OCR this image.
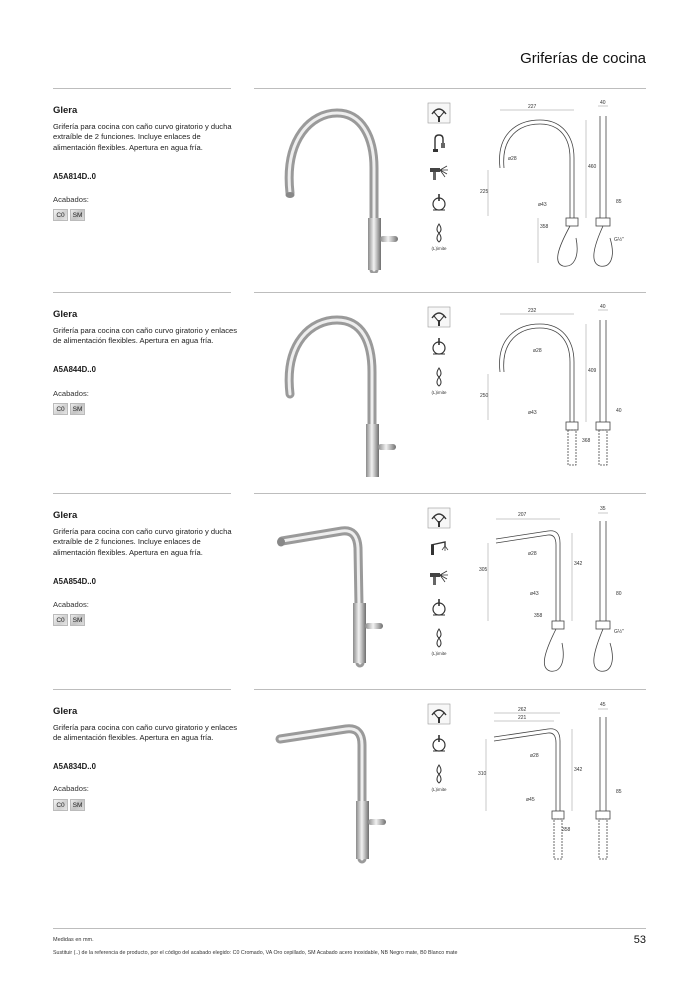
Griferías de cocina
Glera
Grifería para cocina con caño curvo giratorio y ducha extraíble de 2 funciones. Incluye enlaces de alimentación flexibles. Apertura en agua fría.
A5A814D..0
Acabados:
C0	SM
(L)imite
227
40
ø28
460
85
225
ø43
358
G½"
Glera
Grifería para cocina con caño curvo giratorio y enlaces de alimentación flexibles. Apertura en agua fría.
A5A844D..0
Acabados:
C0	SM
(L)imite
232
40
ø28
409
250
ø43	40
368
Glera
Grifería para cocina con caño curvo giratorio y ducha extraíble de 2 funciones. Incluye enlaces de alimentación flexibles. Apertura en agua fría.
A5A854D..0
Acabados:
C0	SM
(L)imite
207
35
ø28
305
342
ø43	80
358
G½"
Glera
Grifería para cocina con caño curvo giratorio y enlaces de alimentación flexibles. Apertura en agua fría.
A5A834D..0
Acabados:
C0	SM
(L)imite
262
221
45
ø28
310
342
ø45
85
358
Medidas en mm.
Sustituir (..) de la referencia de producto, por el código del acabado elegido: C0 Cromado, VA Oro cepillado, SM Acabado acero inoxidable, NB Negro mate, B0 Blanco mate
53
